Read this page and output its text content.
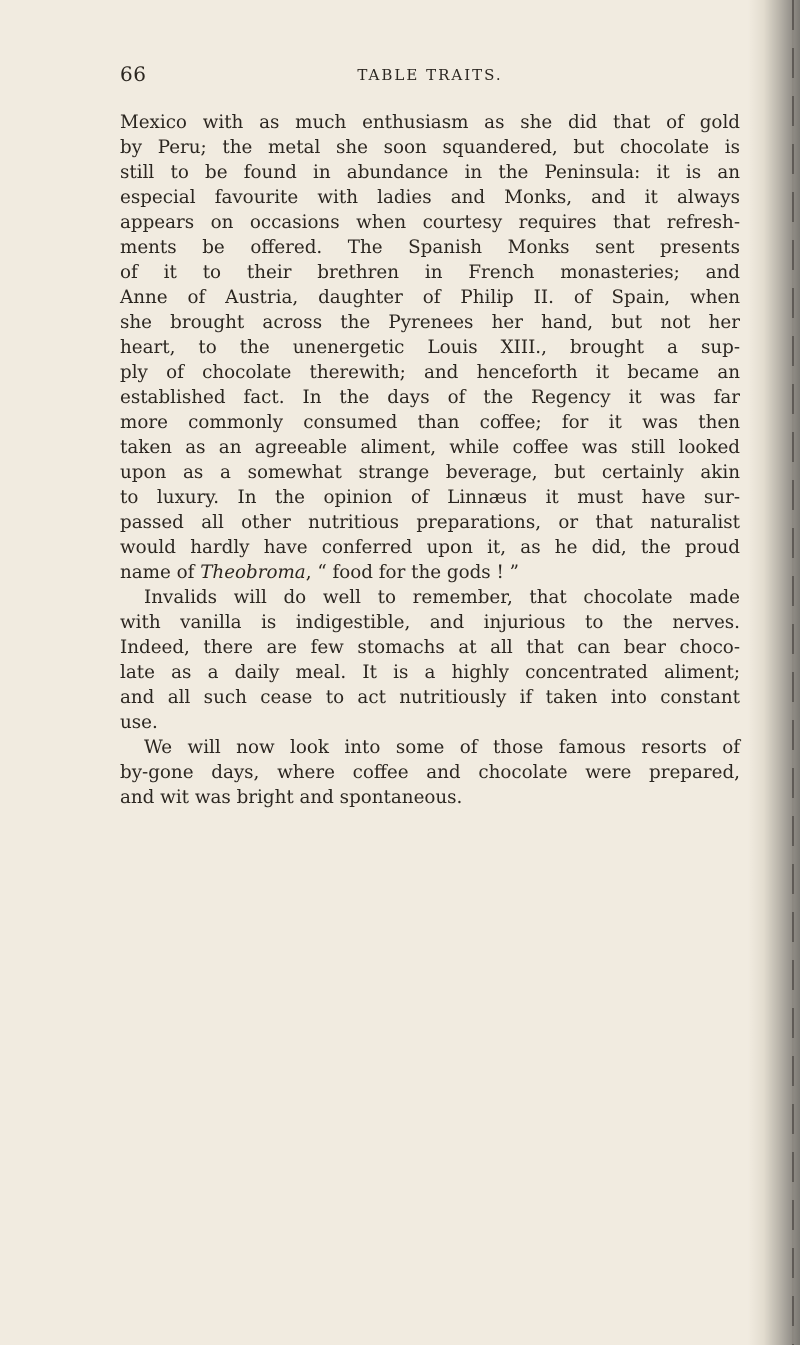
66	TABLE TRAITS.
Mexico with as much enthusiasm as she did that of gold
by Peru; the metal she soon squandered, but chocolate is
still to be found in abundance in the Peninsula: it is an
especial favourite with ladies and Monks, and it always
appears on occasions when courtesy requires that refresh-
ments be offered. The Spanish Monks sent presents
of it to their brethren in French monasteries; and
Anne of Austria, daughter of Philip II. of Spain, when
she brought across the Pyrenees her hand, but not her
heart, to the unenergetic Louis XIII., brought a sup-
ply of chocolate therewith; and henceforth it became an
established fact. In the days of the Regency it was far
more commonly consumed than coffee; for it was then
taken as an agreeable aliment, while coffee was still looked
upon as a somewhat strange beverage, but certainly akin
to luxury. In the opinion of Linnæus it must have sur-
passed all other nutritious preparations, or that naturalist
would hardly have conferred upon it, as he did, the proud
name of Theobroma, “ food for the gods ! ”
Invalids will do well to remember, that chocolate made
with vanilla is indigestible, and injurious to the nerves.
Indeed, there are few stomachs at all that can bear choco-
late as a daily meal. It is a highly concentrated aliment;
and all such cease to act nutritiously if taken into constant
use.
We will now look into some of those famous resorts of
by-gone days, where coffee and chocolate were prepared,
and wit was bright and spontaneous.
